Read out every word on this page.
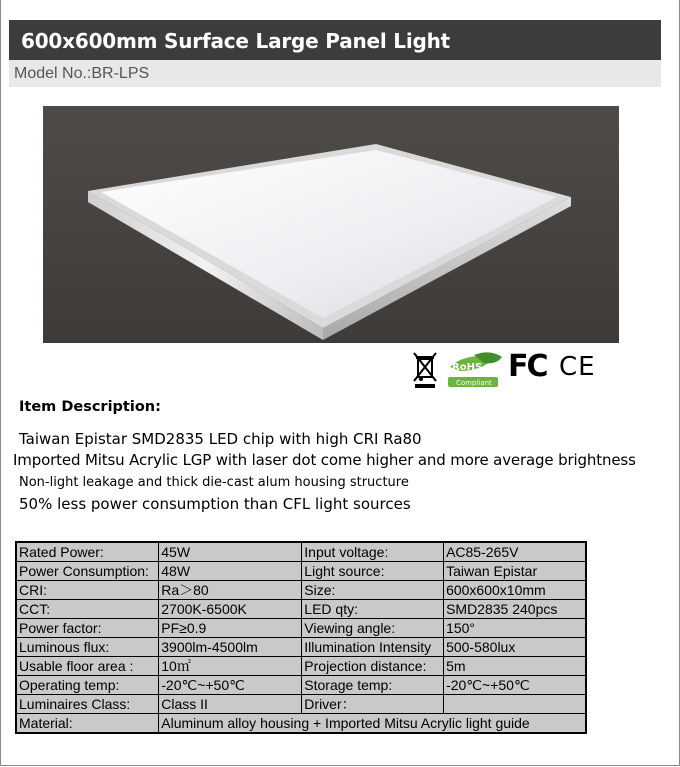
600x600mm Surface Large Panel Light
Model No.:BR-LPS
RoHS
Compliant FC CE
Item Description:
Taiwan Epistar SMD2835 LED chip with high CRI Ra80
Imported Mitsu Acrylic LGP with laser dot come higher and more average brightness
Non-light leakage and thick die-cast alum housing structure
50% less power consumption than CFL light sources
Rated Power:	45W	Input voltage:	AC85-265V
Power Consumption:	48W	Light source:	Taiwan Epistar
CRI:	Ra＞80	Size:	600x600x10mm
CCT:	2700K-6500K	LED qty:	SMD2835 240pcs
Power factor:	PF≥0.9	Viewing angle:	150°
Luminous flux:	3900lm-4500lm	Illumination Intensity	500-580lux
Usable floor area :	10㎡	Projection distance:	5m
Operating temp:	-20℃~+50℃	Storage temp:	-20℃~+50℃
Luminaires Class:	Class II	Driver：	
Material:	Aluminum alloy housing + Imported Mitsu Acrylic light guide		
